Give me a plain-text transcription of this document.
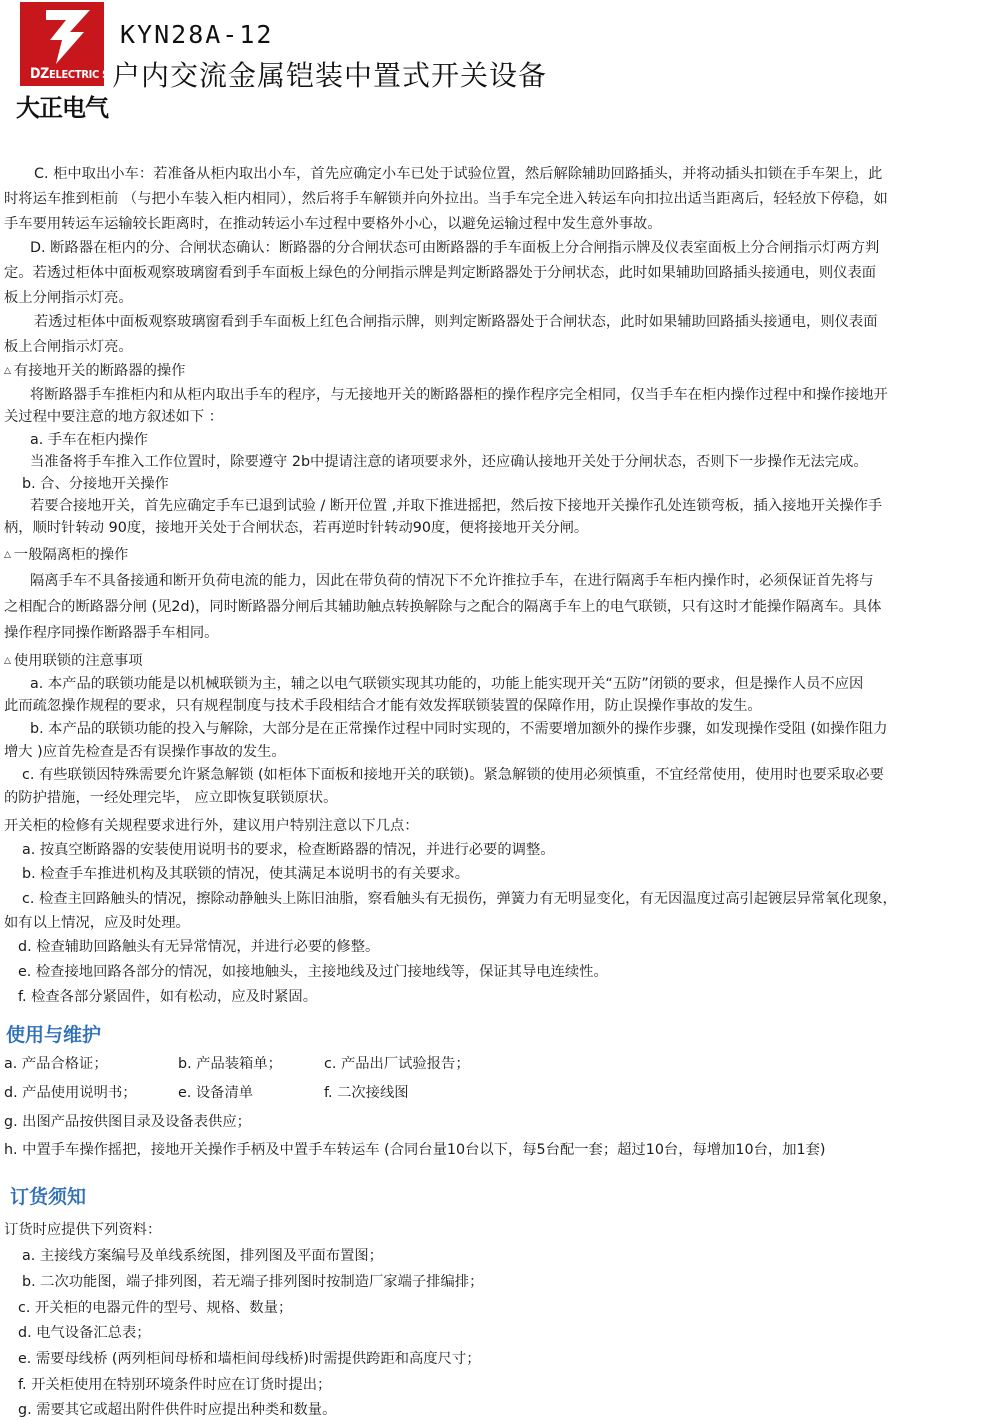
DZELECTRIC SET
大正电气
KYN28A-12
户内交流金属铠装中置式开关设备
C. 柜中取出小车：若准备从柜内取出小车，首先应确定小车已处于试验位置，然后解除辅助回路插头，并将动插头扣锁在手车架上，此
时将运车推到柜前 （与把小车装入柜内相同），然后将手车解锁并向外拉出。当手车完全进入转运车向扣拉出适当距离后，轻轻放下停稳，如
手车要用转运车运输较长距离时，在推动转运小车过程中要格外小心，以避免运输过程中发生意外事故。
D. 断路器在柜内的分、合闸状态确认：断路器的分合闸状态可由断路器的手车面板上分合闸指示牌及仪表室面板上分合闸指示灯两方判
定。若透过柜体中面板观察玻璃窗看到手车面板上绿色的分闸指示牌是判定断路器处于分闸状态，此时如果辅助回路插头接通电，则仪表面
板上分闸指示灯亮。
若透过柜体中面板观察玻璃窗看到手车面板上红色合闸指示牌，则判定断路器处于合闸状态，此时如果辅助回路插头接通电，则仪表面
板上合闸指示灯亮。
△ 有接地开关的断路器的操作
将断路器手车推柜内和从柜内取出手车的程序，与无接地开关的断路器柜的操作程序完全相同，仅当手车在柜内操作过程中和操作接地开
关过程中要注意的地方叙述如下 ：
a. 手车在柜内操作
当准备将手车推入工作位置时，除要遵守 2b中提请注意的诸项要求外，还应确认接地开关处于分闸状态，否则下一步操作无法完成。
b. 合、分接地开关操作
若要合接地开关，首先应确定手车已退到试验 / 断开位置 ,并取下推进摇把，然后按下接地开关操作孔处连锁弯板，插入接地开关操作手
柄，顺时针转动 90度，接地开关处于合闸状态，若再逆时针转动90度，便将接地开关分闸。
△ 一般隔离柜的操作
隔离手车不具备接通和断开负荷电流的能力，因此在带负荷的情况下不允许推拉手车，在进行隔离手车柜内操作时，必须保证首先将与
之相配合的断路器分闸 (见2d)，同时断路器分闸后其辅助触点转换解除与之配合的隔离手车上的电气联锁，只有这时才能操作隔离车。具体
操作程序同操作断路器手车相同。
△ 使用联锁的注意事项
a. 本产品的联锁功能是以机械联锁为主，辅之以电气联锁实现其功能的，功能上能实现开关“五防”闭锁的要求，但是操作人员不应因
此而疏忽操作规程的要求，只有规程制度与技术手段相结合才能有效发挥联锁装置的保障作用，防止误操作事故的发生。
b. 本产品的联锁功能的投入与解除，大部分是在正常操作过程中同时实现的，不需要增加额外的操作步骤，如发现操作受阻 (如操作阻力
增大 )应首先检查是否有误操作事故的发生。
c. 有些联锁因特殊需要允许紧急解锁 (如柜体下面板和接地开关的联锁)。紧急解锁的使用必须慎重，不宜经常使用，使用时也要采取必要
的防护措施，一经处理完毕， 应立即恢复联锁原状。
开关柜的检修有关规程要求进行外，建议用户特别注意以下几点：
a. 按真空断路器的安装使用说明书的要求，检查断路器的情况，并进行必要的调整。
b. 检查手车推进机构及其联锁的情况，使其满足本说明书的有关要求。
c. 检查主回路触头的情况，擦除动静触头上陈旧油脂，察看触头有无损伤，弹簧力有无明显变化，有无因温度过高引起镀层异常氧化现象，
如有以上情况，应及时处理。
d. 检查辅助回路触头有无异常情况，并进行必要的修整。
e. 检查接地回路各部分的情况，如接地触头，主接地线及过门接地线等，保证其导电连续性。
f. 检查各部分紧固件，如有松动，应及时紧固。
使用与维护
a. 产品合格证；	b. 产品装箱单；	c. 产品出厂试验报告；
d. 产品使用说明书；	e. 设备清单	f. 二次接线图
g. 出图产品按供图目录及设备表供应；
h. 中置手车操作摇把，接地开关操作手柄及中置手车转运车 (合同台量10台以下，每5台配一套；超过10台，每增加10台，加1套)
订货须知
订货时应提供下列资料：
a. 主接线方案编号及单线系统图，排列图及平面布置图；
b. 二次功能图，端子排列图，若无端子排列图时按制造厂家端子排编排；
c. 开关柜的电器元件的型号、规格、数量；
d. 电气设备汇总表；
e. 需要母线桥 (两列柜间母桥和墙柜间母线桥)时需提供跨距和高度尺寸；
f. 开关柜使用在特别环境条件时应在订货时提出；
g. 需要其它或超出附件供件时应提出种类和数量。
